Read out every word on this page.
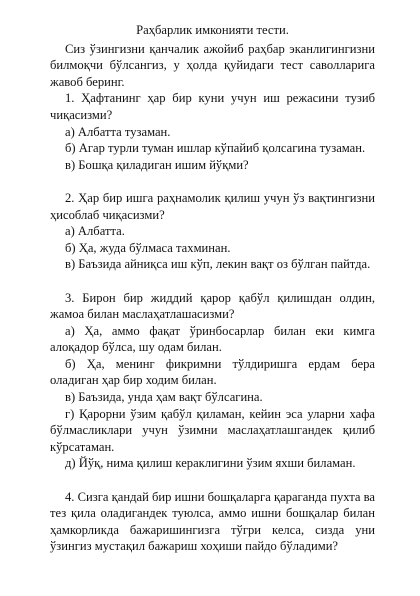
Раҳбарлик имконияти тести.

Сиз ўзингизни қанчалик ажойиб раҳбар эканлигингизни билмоқчи бўлсангиз, у ҳолда қуйидаги тест саволларига жавоб беринг.

1. Ҳафтанинг ҳар бир куни учун иш режасини тузиб чиқасизми?

а) Албатта тузаман.

б) Агар турли туман ишлар кўпайиб қолсагина тузаман.

в) Бошқа қиладиган ишим йўқми?

2. Ҳар бир ишга раҳнамолик қилиш учун ўз вақтингизни ҳисоблаб чиқасизми?

а) Албатта.

б) Ҳа, жуда бўлмаса тахминан.

в) Баъзида айниқса иш кўп, лекин вақт оз бўлган пайтда.

3. Бирон бир жиддий қарор қабўл қилишдан олдин, жамоа билан маслаҳатлашасизми?

а) Ҳа, аммо фақат ўринбосарлар билан еки кимга алоқадор бўлса, шу одам билан.

б) Ҳа, менинг фикримни тўлдиришга ердам бера оладиган ҳар бир ходим билан.

в) Баъзида, унда ҳам вақт бўлсагина.

г) Қарорни ўзим қабўл қиламан, кейин эса уларни хафа бўлмасликлари учун ўзимни маслаҳатлашгандек қилиб кўрсатаман.

д) Йўқ, нима қилиш кераклигини ўзим яхши биламан.

4. Сизга қандай бир ишни бошқаларга қараганда пухта ва тез қила оладигандек туюлса, аммо ишни бошқалар билан ҳамкорликда бажаришингизга тўгри келса, сизда уни ўзингиз мустақил бажариш хоҳиши пайдо бўладими?
